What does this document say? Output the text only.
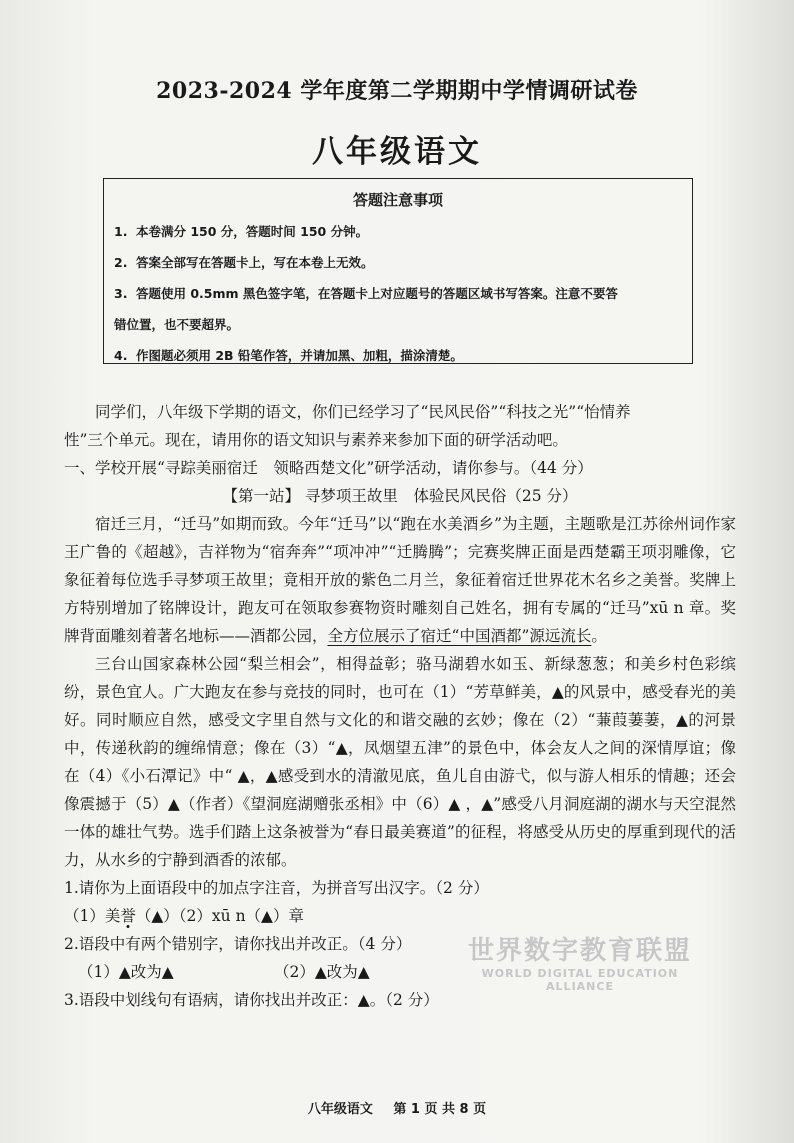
2023-2024 学年度第二学期期中学情调研试卷
八年级语文
答题注意事项
1. 本卷满分 150 分，答题时间 150 分钟。
2. 答案全部写在答题卡上，写在本卷上无效。
3. 答题使用 0.5mm 黑色签字笔，在答题卡上对应题号的答题区域书写答案。注意不要答
错位置，也不要超界。
4. 作图题必须用 2B 铅笔作答，并请加黑、加粗，描涂清楚。

同学们，八年级下学期的语文，你们已经学习了“民风民俗”“科技之光”“怡情养

性”三个单元。现在，请用你的语文知识与素养来参加下面的研学活动吧。

一、学校开展“寻踪美丽宿迁　领略西楚文化”研学活动，请你参与。（44 分）

【第一站】 寻梦项王故里　体验民风民俗（25 分）

宿迁三月，“迁马”如期而致。今年“迁马”以“跑在水美酒乡”为主题，主题歌是江苏徐州词作家王广鲁的《超越》，吉祥物为“宿奔奔”“项冲冲”“迁腾腾”；完赛奖牌正面是西楚霸王项羽雕像，它象征着每位选手寻梦项王故里；竟相开放的紫色二月兰，象征着宿迁世界花木名乡之美誉。奖牌上方特别增加了铭牌设计，跑友可在领取参赛物资时雕刻自己姓名，拥有专属的“迁马”xū n 章。奖牌背面雕刻着著名地标——酒都公园，全方位展示了宿迁“中国酒都”源远流长。

三台山国家森林公园“梨兰相会”，相得益彰；骆马湖碧水如玉、新绿葱葱；和美乡村色彩缤纷，景色宜人。广大跑友在参与竞技的同时，也可在（1）“芳草鲜美，▲的风景中，感受春光的美好。同时顺应自然，感受文字里自然与文化的和谐交融的玄妙；像在（2）“蒹葭萋萋，▲的河景中，传递秋韵的缠绵情意；像在（3）“▲，凤烟望五津”的景色中，体会友人之间的深情厚谊；像在（4）《小石潭记》中“ ▲，▲感受到水的清澈见底，鱼儿自由游弋，似与游人相乐的情趣；还会像震撼于（5）▲（作者）《望洞庭湖赠张丞相》中（6）▲ ，▲”感受八月洞庭湖的湖水与天空混然一体的雄壮气势。选手们踏上这条被誉为“春日最美赛道”的征程，将感受从历史的厚重到现代的活力，从水乡的宁静到酒香的浓郁。

1.请你为上面语段中的加点字注音，为拼音写出汉字。（2 分）

（1）美誉（▲）（2）xū n（▲）章

2.语段中有两个错别字，请你找出并改正。（4 分）

（1）▲改为▲	（2）▲改为▲

3.语段中划线句有语病，请你找出并改正：▲。（2 分）

世界数字教育联盟
WORLD DIGITAL EDUCATION
ALLIANCE
八年级语文 第 1 页 共 8 页
